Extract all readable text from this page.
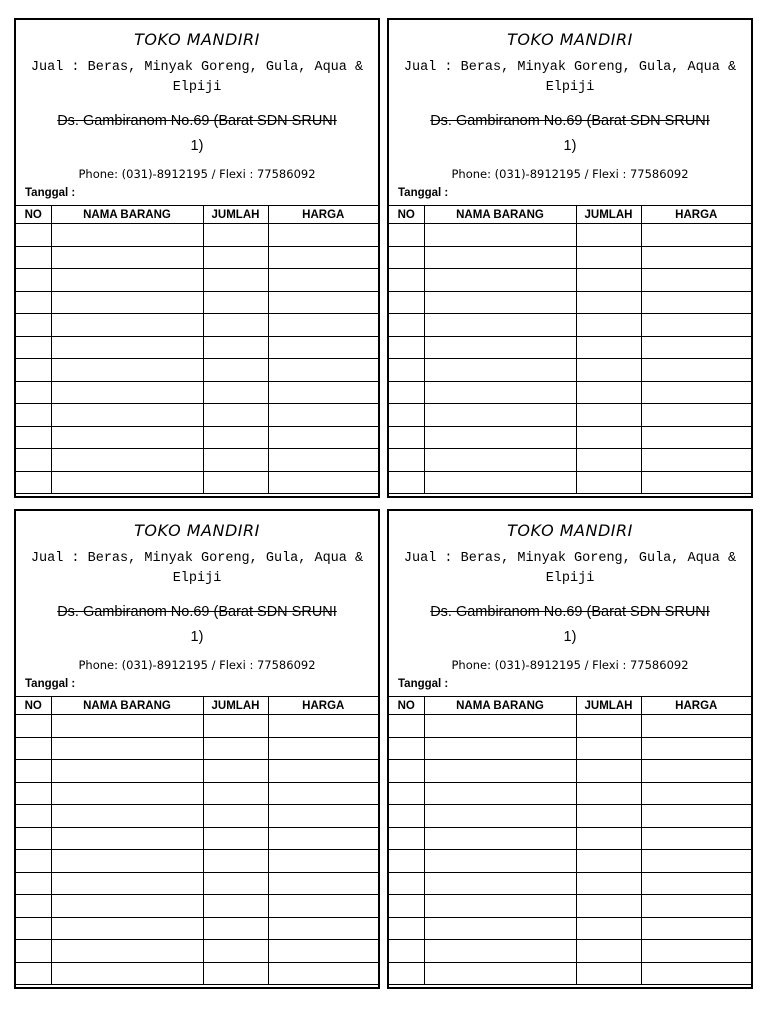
TOKO MANDIRI
Jual : Beras, Minyak Goreng, Gula, Aqua & Elpiji
Ds. Gambiranom No.69 (Barat SDN SRUNI
1)
Phone: (031)-8912195 / Flexi : 77586092
Tanggal :
NO	NAMA BARANG	JUMLAH	HARGA

TOKO MANDIRI
Jual : Beras, Minyak Goreng, Gula, Aqua & Elpiji
Ds. Gambiranom No.69 (Barat SDN SRUNI
1)
Phone: (031)-8912195 / Flexi : 77586092
Tanggal :
NO	NAMA BARANG	JUMLAH	HARGA

TOKO MANDIRI
Jual : Beras, Minyak Goreng, Gula, Aqua & Elpiji
Ds. Gambiranom No.69 (Barat SDN SRUNI
1)
Phone: (031)-8912195 / Flexi : 77586092
Tanggal :
NO	NAMA BARANG	JUMLAH	HARGA

TOKO MANDIRI
Jual : Beras, Minyak Goreng, Gula, Aqua & Elpiji
Ds. Gambiranom No.69 (Barat SDN SRUNI
1)
Phone: (031)-8912195 / Flexi : 77586092
Tanggal :
NO	NAMA BARANG	JUMLAH	HARGA
